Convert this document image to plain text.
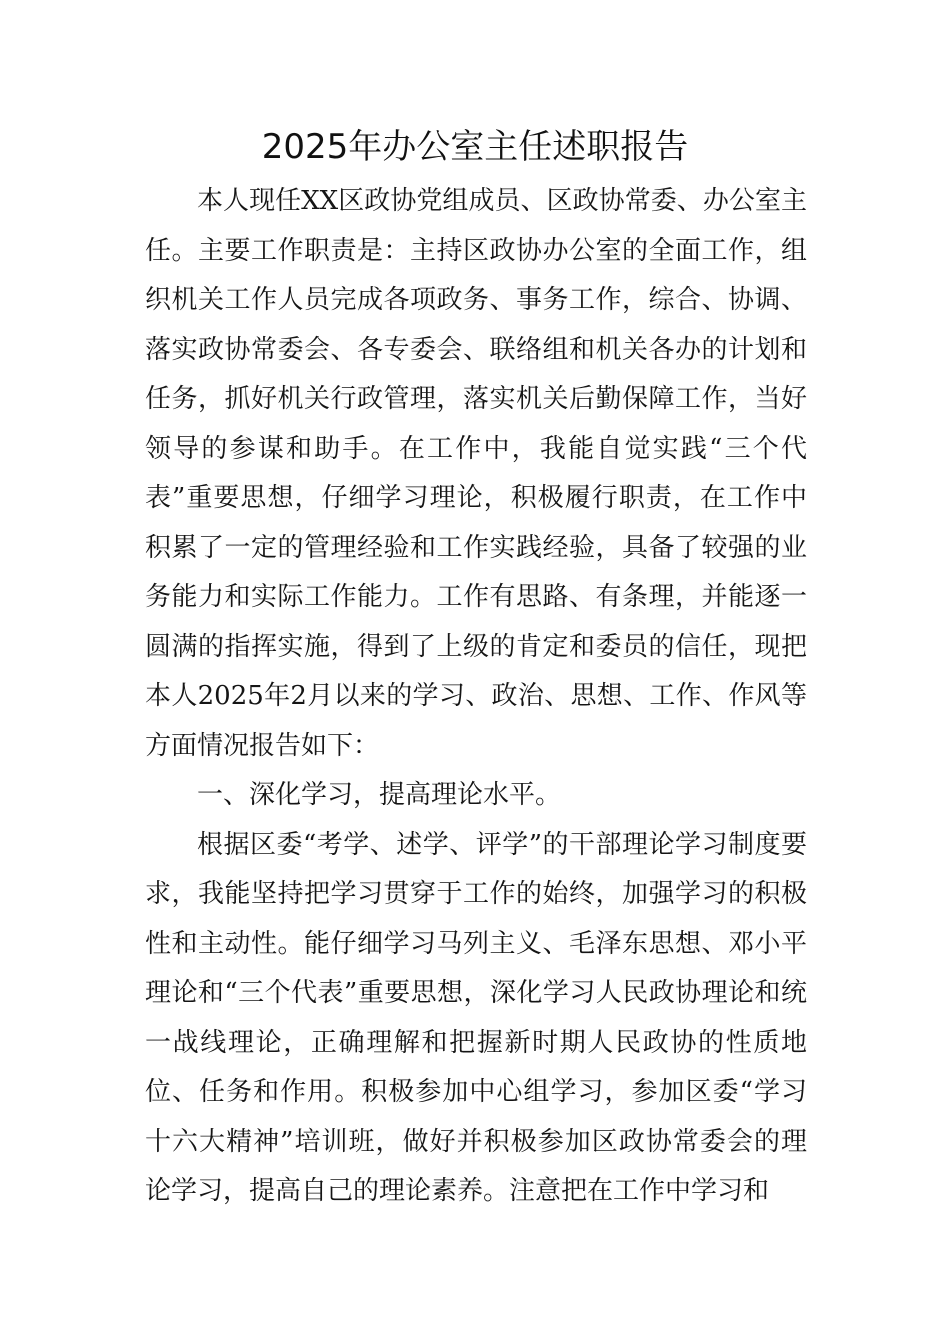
2025年办公室主任述职报告

本人现任XX区政协党组成员、区政协常委、办公室主任。主要工作职责是：主持区政协办公室的全面工作，组织机关工作人员完成各项政务、事务工作，综合、协调、落实政协常委会、各专委会、联络组和机关各办的计划和任务，抓好机关行政管理，落实机关后勤保障工作，当好领导的参谋和助手。在工作中，我能自觉实践“三个代表”重要思想，仔细学习理论，积极履行职责，在工作中积累了一定的管理经验和工作实践经验，具备了较强的业务能力和实际工作能力。工作有思路、有条理，并能逐一圆满的指挥实施，得到了上级的肯定和委员的信任，现把本人2025年2月以来的学习、政治、思想、工作、作风等方面情况报告如下：

一、深化学习，提高理论水平。

根据区委“考学、述学、评学”的干部理论学习制度要求，我能坚持把学习贯穿于工作的始终，加强学习的积极性和主动性。能仔细学习马列主义、毛泽东思想、邓小平理论和“三个代表”重要思想，深化学习人民政协理论和统一战线理论，正确理解和把握新时期人民政协的性质地位、任务和作用。积极参加中心组学习，参加区委“学习十六大精神”培训班，做好并积极参加区政协常委会的理论学习，提高自己的理论素养。注意把在工作中学习和
